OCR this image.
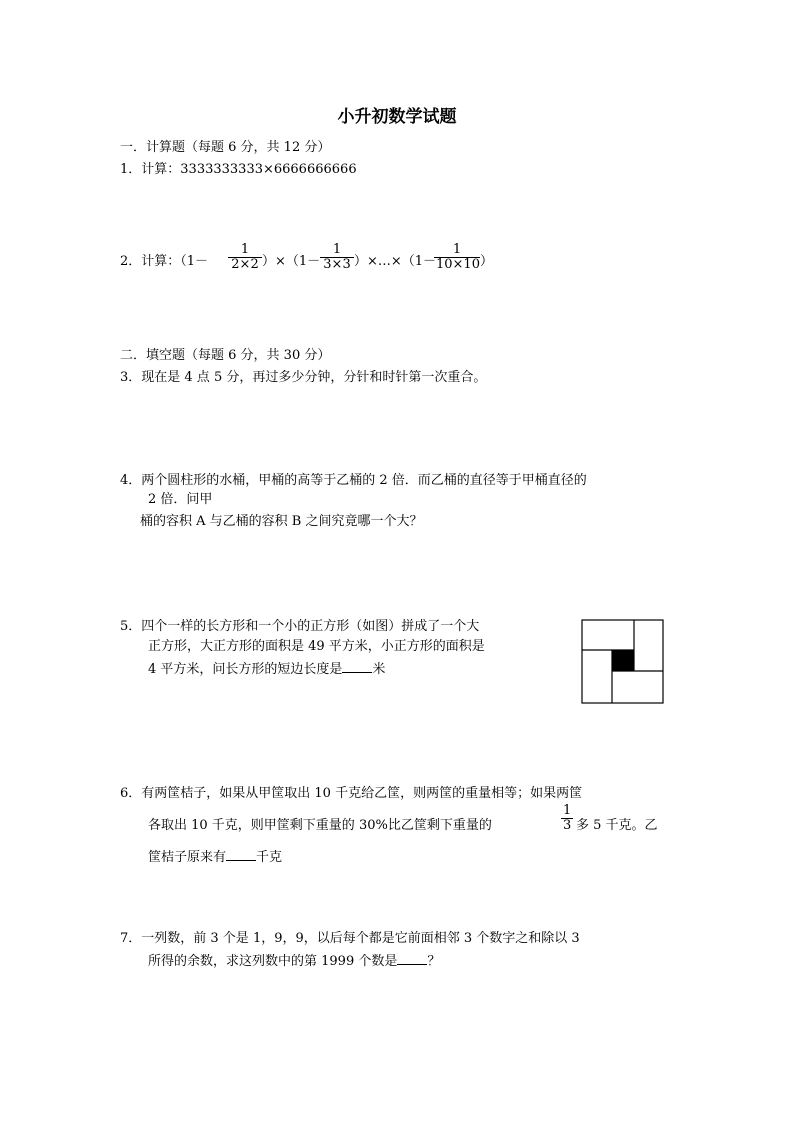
小升初数学试题
一．计算题（每题 6 分，共 12 分）
1．计算：3333333333×6666666666
2．计算：$(1- \frac{1}{2\times 2} )\times(1- \frac{1}{3\times 3}$ ）×…×（1－
$\frac{1}{10\times 10}$ ）
二．填空题（每题 6 分，共 30 分）
3．现在是 4 点 5 分，再过多少分钟，分针和时针第一次重合。
4．两个圆柱形的水桶，甲桶的高等于乙桶的 2 倍．而乙桶的直径等于甲桶直径的
2 倍．问甲
桶的容积 A 与乙桶的容积 B 之间究竟哪一个大？
5．四个一样的长方形和一个小的正方形（如图）拼成了一个大
正方形，大正方形的面积是 49 平方米，小正方形的面积是
4 平方米，问长方形的短边长度是 米
6．有两筐桔子，如果从甲筐取出 10 千克给乙筐，则两筐的重量相等；如果两筐
各取出 10 千克，则甲筐剩下重量的 30%比乙筐剩下重量的	$\frac{1}{3}$ 多 5 千克。乙
筐桔子原来有 千克
7．一列数，前 3 个是 1，9，9，以后每个都是它前面相邻 3 个数字之和除以 3
所得的余数，求这列数中的第 1999 个数是 ？
